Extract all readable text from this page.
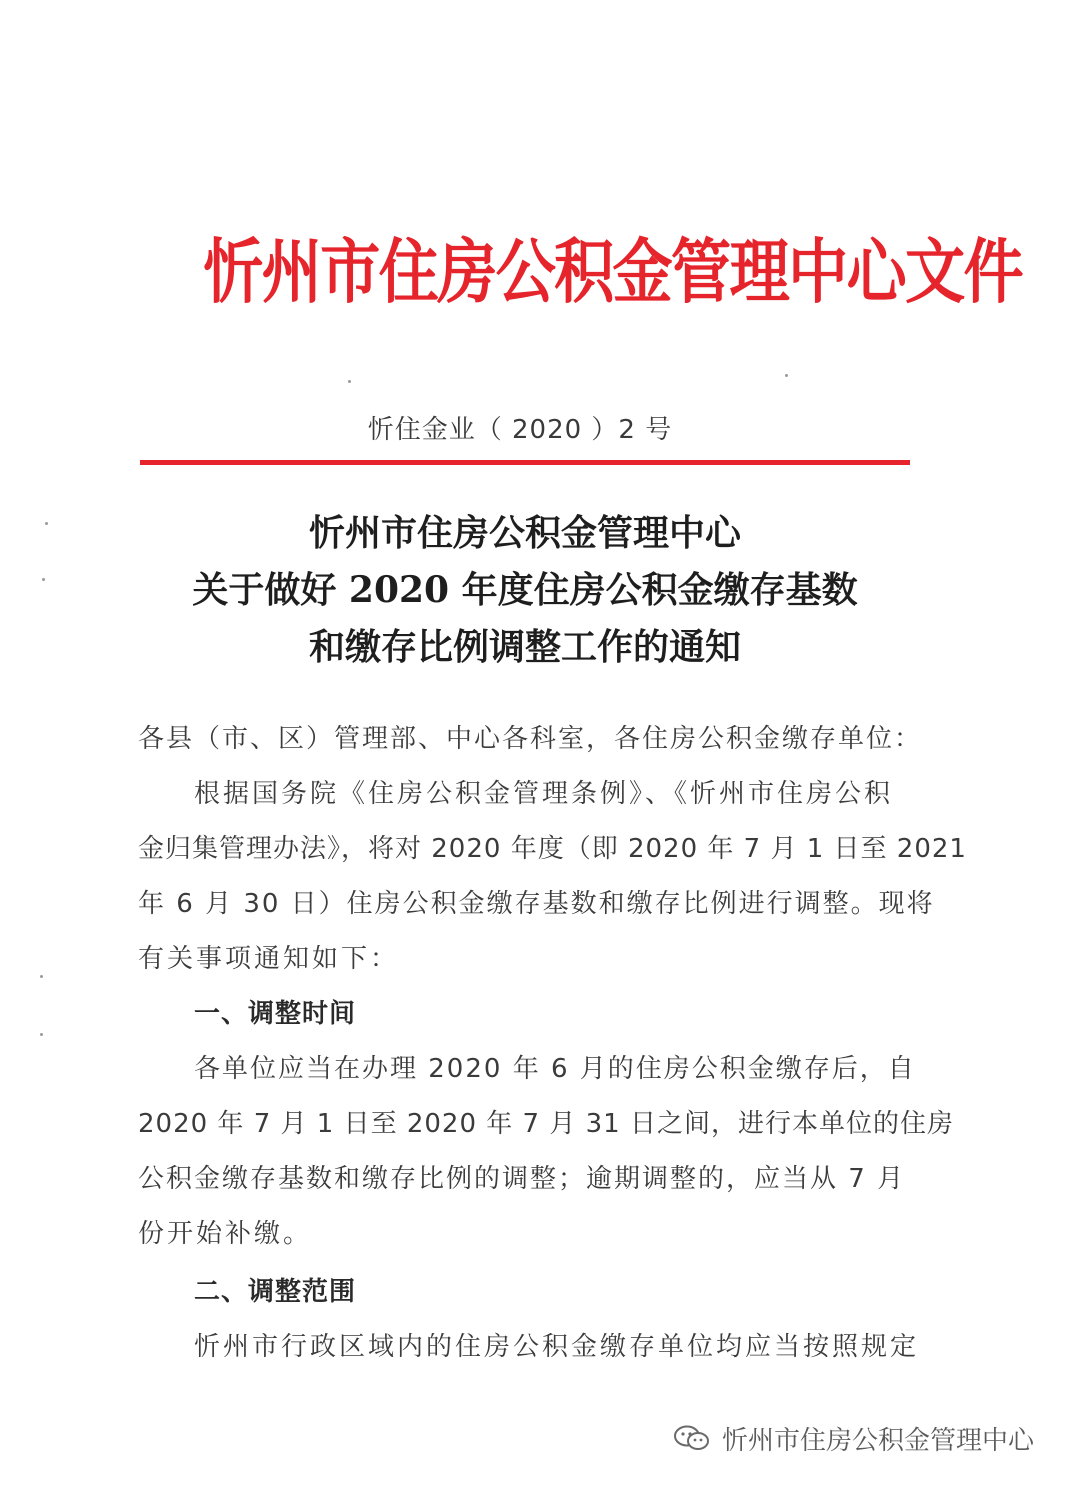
忻州市住房公积金管理中心文件
忻住金业（ 2020 ）2 号
忻州市住房公积金管理中心
关于做好 2020 年度住房公积金缴存基数
和缴存比例调整工作的通知
各县（市、区）管理部、中心各科室，各住房公积金缴存单位：
根据国务院《住房公积金管理条例》、《忻州市住房公积
金归集管理办法》，将对 2020 年度（即 2020 年 7 月 1 日至 2021
年 6 月 30 日）住房公积金缴存基数和缴存比例进行调整。现将
有关事项通知如下：
一、调整时间
各单位应当在办理 2020 年 6 月的住房公积金缴存后，自
2020 年 7 月 1 日至 2020 年 7 月 31 日之间，进行本单位的住房
公积金缴存基数和缴存比例的调整；逾期调整的，应当从 7 月
份开始补缴。
二、调整范围
忻州市行政区域内的住房公积金缴存单位均应当按照规定
忻州市住房公积金管理中心
